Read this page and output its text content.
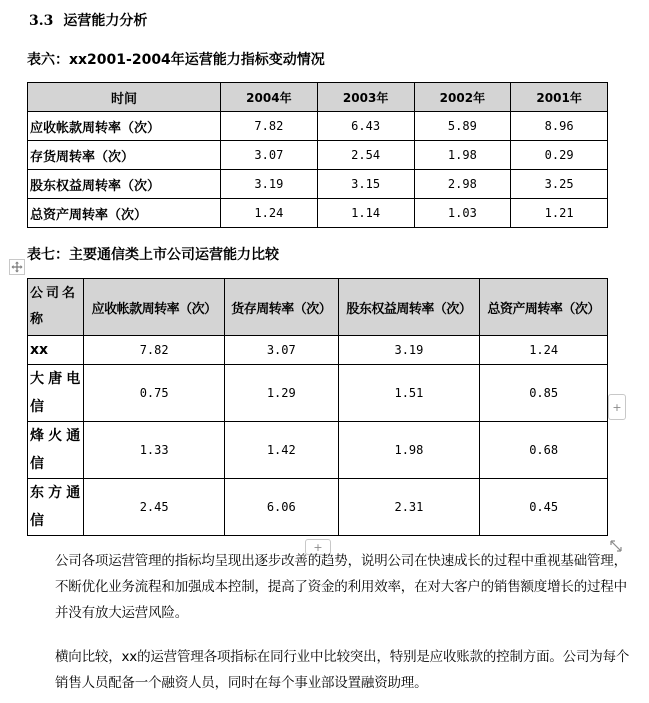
3.3 运营能力分析
表六：xx2001-2004年运营能力指标变动情况
时间	2004年	2003年	2002年	2001年
应收帐款周转率（次）	7.82	6.43	5.89	8.96
存货周转率（次）	3.07	2.54	1.98	0.29
股东权益周转率（次）	3.19	3.15	2.98	3.25
总资产周转率（次）	1.24	1.14	1.03	1.21
表七：主要通信类上市公司运营能力比较
公司名称	应收帐款周转率（次）	货存周转率（次）	股东权益周转率（次）	总资产周转率（次）
xx	7.82	3.07	3.19	1.24
大唐电信	0.75	1.29	1.51	0.85
烽火通信	1.33	1.42	1.98	0.68
东方通信	2.45	6.06	2.31	0.45
+
+
公司各项运营管理的指标均呈现出逐步改善的趋势，说明公司在快速成长的过程中重视基础管理，不断优化业务流程和加强成本控制，提高了资金的利用效率，在对大客户的销售额度增长的过程中并没有放大运营风险。
横向比较，xx的运营管理各项指标在同行业中比较突出，特别是应收账款的控制方面。公司为每个销售人员配备一个融资人员，同时在每个事业部设置融资助理。
